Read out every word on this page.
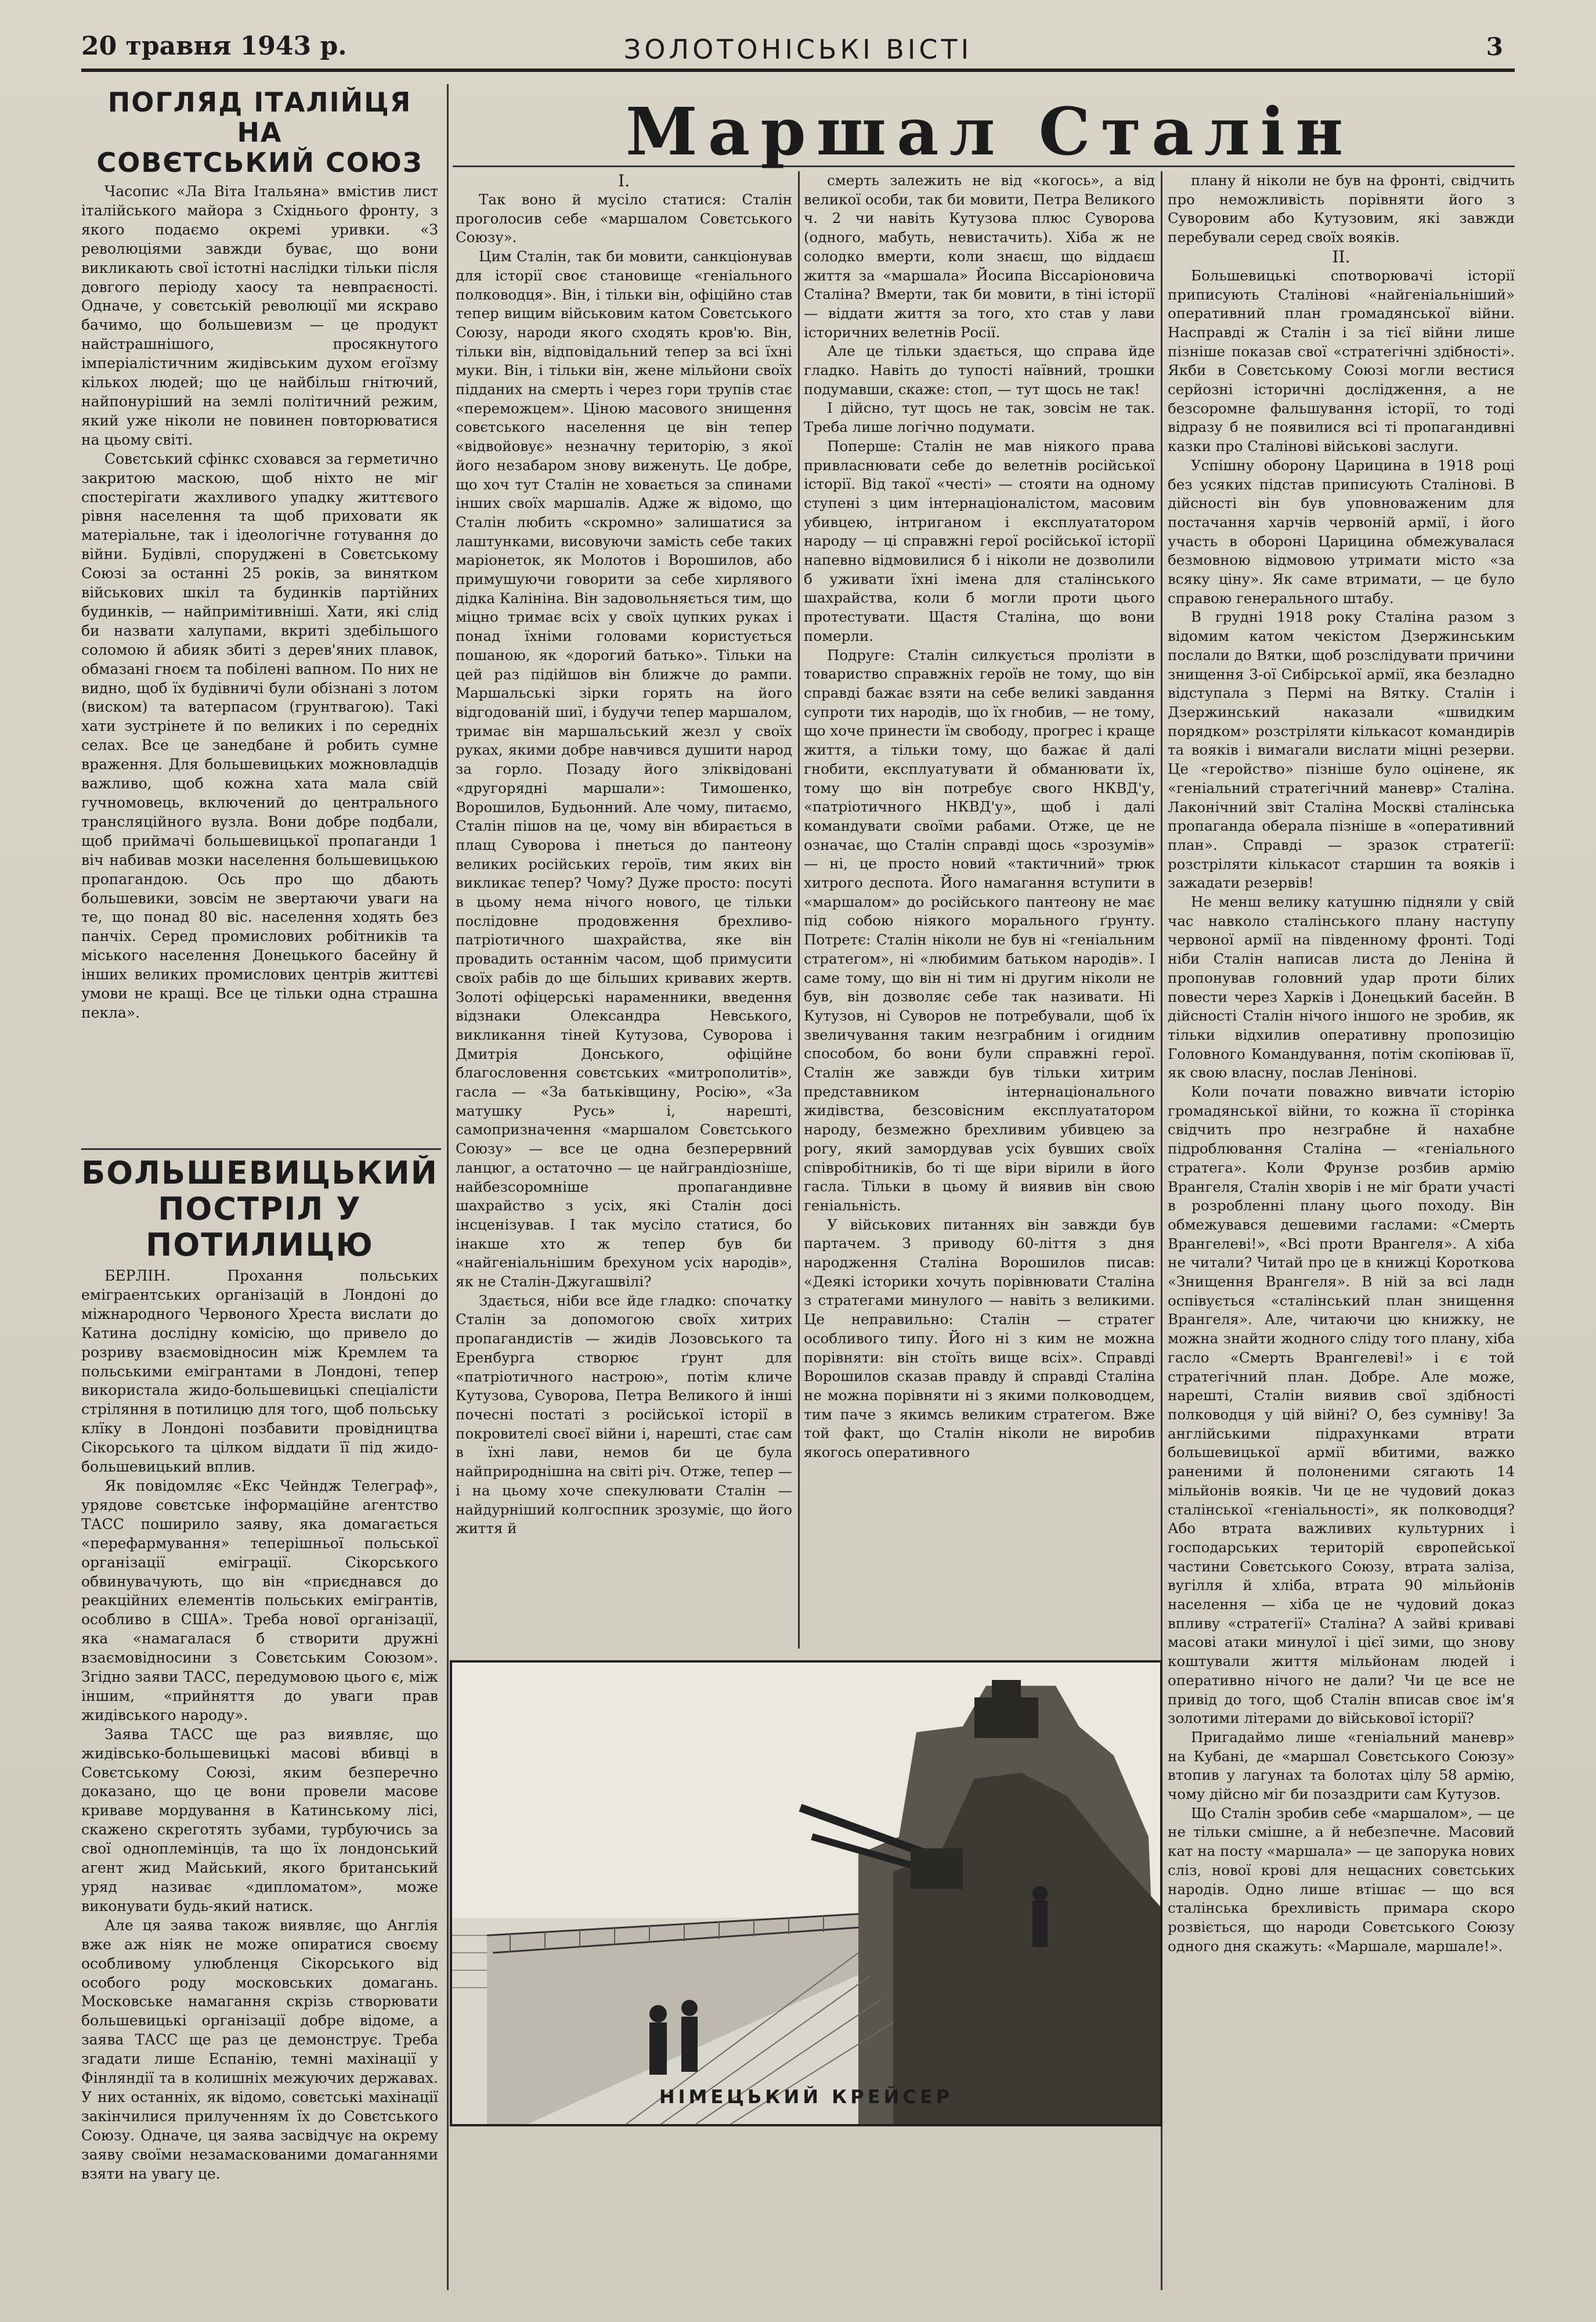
20 травня 1943 р.	ЗОЛОТОНІСЬКІ ВІСТІ	3
ПОГЛЯД ІТАЛІЙЦЯ НА
СОВЄТСЬКИЙ СОЮЗ

Часопис «Ла Віта Італьяна» вмістив лист італійського майора з Східнього фронту, з якого подаємо окремі уривки. «З революціями завжди буває, що вони викликають свої істотні наслідки тільки після довгого періоду хаосу та невпраєності. Одначе, у совєтській революції ми яскраво бачимо, що большевизм — це продукт найстрашнішого, просякнутого імперіалістичним жидівським духом егоїзму кількох людей; що це найбільш гнітючий, найпонуріший на землі політичний режим, який уже ніколи не повинен повторюватися на цьому світі.

Совєтський сфінкс сховався за герметично закритою маскою, щоб ніхто не міг спостерігати жахливого упадку життєвого рівня населення та щоб приховати як матеріальне, так і ідеологічне готування до війни. Будівлі, споруджені в Совєтському Союзі за останні 25 років, за винятком військових шкіл та будинків партійних будинків, — найпримітивніші. Хати, які слід би назвати халупами, вкриті здебільшого соломою й абияк збиті з дерев'яних плавок, обмазані гноєм та побілені вапном. По них не видно, щоб їх будівничі були обізнані з лотом (виском) та ватерпасом (грунтвагою). Такі хати зустрінете й по великих і по середніх селах. Все це занедбане й робить сумне враження. Для большевицьких можновладців важливо, щоб кожна хата мала свій гучномовець, включений до центрального трансляційного вузла. Вони добре подбали, щоб приймачі большевицької пропаганди 1 віч набивав мозки населення большевицькою пропагандою. Ось про що дбають большевики, зовсім не звертаючи уваги на те, що понад 80 віс. населення ходять без панчіх. Серед промислових робітників та міського населення Донецького басейну й інших великих промислових центрів життєві умови не кращі. Все це тільки одна страшна пекла».

БОЛЬШЕВИЦЬКИЙ
ПОСТРІЛ У ПОТИЛИЦЮ

БЕРЛІН. Прохання польських еміграентських організацій в Лондоні до міжнародного Червоного Хреста вислати до Катина дослідну комісію, що привело до розриву взаємовідносин між Кремлем та польськими емігрантами в Лондоні, тепер використала жидо-большевицькі спеціалісти стріляння в потилицю для того, щоб польську клїку в Лондоні позбавити провідництва Сікорського та цілком віддати її під жидо-большевицький вплив.

Як повідомляє «Екс Чейндж Телеграф», урядове совєтське інформаційне агентство ТАСС поширило заяву, яка домагається «перефармування» теперішньої польської організації еміграції. Сікорського обвинувачують, що він «приєднався до реакційних елементів польських емігрантів, особливо в США». Треба нової організації, яка «намагалася б створити дружні взаємовідносини з Совєтським Союзом». Згідно заяви ТАСС, передумовою цього є, між іншим, «прийняття до уваги прав жидівського народу».

Заява ТАСС ще раз виявляє, що жидівсько-большевицькі масові вбивці в Совєтському Союзі, яким безперечно доказано, що це вони провели масове криваве мордування в Катинському лісі, скажено скреготять зубами, турбуючись за свої одноплемінців, та що їх лондонський агент жид Майський, якого британський уряд називає «дипломатом», може виконувати будь-який натиск.

Але ця заява також виявляє, що Англія вже аж ніяк не може опиратися своєму особливому улюбленця Сікорського від особого роду московських домагань. Московське намагання скрізь створювати большевицькі організації добре відоме, а заява ТАСС ще раз це демонструє. Треба згадати лише Еспанію, темні махінації у Фінляндії та в колишніх межуючих державах. У них останніх, як відомо, совєтські махінації закінчилися прилученням їх до Совєтського Союзу. Одначе, ця заява засвідчує на окрему заяву своїми незамаскованими домаганнями взяти на увагу це.

Маршал Сталін
I.

Так воно й мусіло статися: Сталін проголосив себе «маршалом Совєтського Союзу».

Цим Сталін, так би мовити, санкціонував для історії своє становище «геніального полководця». Він, і тільки він, офіційно став тепер вищим військовим катом Совєтського Союзу, народи якого сходять кров'ю. Він, тільки він, відповідальний тепер за всі їхні муки. Він, і тільки він, жене мільйони своїх підданих на смерть і через гори трупів стає «переможцем». Ціною масового знищення совєтського населення це він тепер «відвойовує» незначну територію, з якої його незабаром зновy виженуть. Це добре, що хоч тут Сталін не ховається за спинами інших своїх маршалів. Адже ж відомо, що Сталін любить «скромно» залишатися за лаштунками, висовуючи замість себе таких маріонеток, як Молотов і Ворошилов, або примушуючи говорити за себе хирлявого дідка Калініна. Він задовольняється тим, що міцно тримає всіх у своїх цупких руках і понад їхніми головами користується пошаною, як «дорогий батько». Тільки на цей раз підійшов він ближче до рампи. Маршальські зірки горять на його відгодованій шиї, і будучи тепер маршалом, тримає він маршальський жезл у своїх руках, якими добре навчився душити народ за горло. Позаду його зліквідовані «другорядні маршали»: Тимошенко, Ворошилов, Будьонний. Але чому, питаємо, Сталін пішов на це, чому він вбирається в плащ Суворова і пнеться до пантеону великих російських героїв, тим яких він викликає тепер? Чому? Дуже просто: посуті в цьому нема нічого нового, це тільки послідовне продовження брехливо-патріотичного шахрайства, яке він провадить останнім часом, щоб примусити своїх рабів до ще більших кривавих жертв. Золоті офіцерські нараменники, введення відзнаки Олександра Невського, викликання тіней Кутузова, Суворова і Дмитрія Донського, офіційне благословення совєтських «митрополитів», гасла — «За батьківщину, Росію», «За матушку Русь» і, нарешті, самопризначення «маршалом Совєтського Союзу» — все це одна безперервний ланцюг, а остаточно — це найграндіозніше, найбезсоромніше пропагандивне шахрайство з усіх, які Сталін досі інсценізував. І так мусіло статися, бо інакше хто ж тепер був би «найгеніальнішим брехуном усіх народів», як не Сталін-Джугашвілі?

Здається, ніби все йде гладко: спочатку Сталін за допомогою своїх хитрих пропагандистів — жидів Лозовського та Еренбурга створює ґрунт для «патріотичного настрою», потім кличе Кутузова, Суворова, Петра Великого й інші почесні постаті з російської історії в покровителі своєї війни і, нарешті, стає сам в їхні лави, немов би це була найприроднішна на світі річ. Отже, тепер — і на цьому хоче спекулювати Сталін — найдурніший колгоспник зрозуміє, що його життя й

смерть залежить не від «когось», а від великої особи, так би мовити, Петра Великого ч. 2 чи навіть Кутузова плюс Суворова (одного, мабуть, невистачить). Хіба ж не солодко вмерти, коли знаєш, що віддаєш життя за «маршала» Йосипа Віссаріоновича Сталіна? Вмерти, так би мовити, в тіні історії — віддати життя за того, хто став у лави історичних велетнів Росії.

Але це тільки здається, що справа йде гладко. Навіть до тупості наївний, трошки подумавши, скаже: стоп, — тут щось не так!

І дійсно, тут щось не так, зовсім не так. Треба лише логічно подумати.

Поперше: Сталін не мав ніякого права привласнювати себе до велетнів російської історії. Від такої «честі» — стояти на одному ступені з цим інтернаціоналістом, масовим убивцею, інтриганом і експлуататором народу — ці справжні герої російської історії напевно відмовилися б і ніколи не дозволили б уживати їхні імена для сталінського шахрайства, коли б могли проти цього протестувати. Щастя Сталіна, що вони померли.

Подруге: Сталін силкується пролізти в товариство справжніх героїв не тому, що він справді бажає взяти на себе великі завдання супроти тих народів, що їх гнобив, — не тому, що хоче принести їм свободу, прогрес і краще життя, а тільки тому, що бажає й далі гнобити, експлуатувати й обманювати їх, тому що він потребує свого НКВД'у, «патріотичного НКВД'у», щоб і далі командувати своїми рабами. Отже, це не означає, що Сталін справді щось «зрозумів» — ні, це просто новий «тактичний» трюк хитрого деспота. Його намагання вступити в «маршалом» до російського пантеону не має під собою ніякого морального ґрунту. Потретє: Сталін ніколи не був ні «геніальним стратегом», ні «любимим батьком народів». І саме тому, що він ні тим ні другим ніколи не був, він дозволяє себе так називати. Ні Кутузов, ні Суворов не потребували, щоб їх звеличування таким незграбним і огидним способом, бо вони були справжні герої. Сталін же завжди був тільки хитрим представником інтернаціонального жидівства, безсовісним експлуататором народу, безмежно брехливим убивцею за рогу, який замордував усіх бувших своїх співробітників, бо ті ще віри вірили в його гасла. Тільки в цьому й виявив він свою геніальність.

У військових питаннях він завжди був партачем. З приводу 60-ліття з дня народження Сталіна Ворошилов писав: «Деякі історики хочуть порівнювати Сталіна з стратегами минулого — навіть з великими. Це неправильно: Сталін — стратег особливого типу. Його ні з ким не можна порівняти: він стоїть вище всіх». Справді Ворошилов сказав правду й справді Сталіна не можна порівняти ні з якими полководцем, тим паче з якимсь великим стратегом. Вже той факт, що Сталін ніколи не виробив якогось оперативного

плану й ніколи не був на фронті, свідчить про неможливість порівняти його з Суворовим або Кутузовим, які завжди перебували серед своїх вояків.

II.

Большевицькі спотворювачі історії приписують Сталінові «найгеніальніший» оперативний план громадянської війни. Насправді ж Сталін і за тієї війни лише пізніше показав свої «стратегічні здібності». Якби в Совєтському Союзі могли вестися серйозні історичні дослідження, а не безсоромне фальшування історії, то тоді відразу б не появилися всі ті пропагандивні казки про Сталінові військові заслуги.

Успішну оборону Царицина в 1918 році без усяких підстав приписують Сталінові. В дійсності він був уповноваженим для постачання харчів червоній армії, і його участь в обороні Царицина обмежувалася безмовною відмовою утримати місто «за всяку ціну». Як саме втримати, — це було справою генерального штабу.

В грудні 1918 року Сталіна разом з відомим катом чекістом Дзержинським послали до Вятки, щоб розслідувати причини знищення 3-ої Сибірської армії, яка безладно відступала з Пермі на Вятку. Сталін і Дзержинський наказали «швидким порядком» розстріляти кількасот командирів та вояків і вимагали вислати міцні резерви. Це «геройство» пізніше було оцінене, як «геніальний стратегічний маневр» Сталіна. Лаконічний звіт Сталіна Москві сталінська пропаганда оберала пізніше в «оперативний план». Справді — зразок стратегії: розстріляти кількасот старшин та вояків і зажадати резервів!

Не менш велику катушню підняли у свій час навколо сталінського плану наступу червоної армії на південному фронті. Тоді ніби Сталін написав листа до Леніна й пропонував головний удар проти білих повести через Харків і Донецький басейн. В дійсності Сталін нічого іншого не зробив, як тільки відхилив оперативну пропозицію Головного Командування, потім скопіював її, як свою власну, послав Ленінові.

Коли почати поважно вивчати історію громадянської війни, то кожна її сторінка свідчить про незграбне й нахабне підроблювання Сталіна — «геніального стратега». Коли Фрунзе розбив армію Врангеля, Сталін хворів і не міг брати участі в розробленні плану цього походу. Він обмежувався дешевими гаслами: «Смерть Врангелеві!», «Всі проти Врангеля». А хіба не читали? Читай про це в книжці Корoткова «Знищення Врангеля». В ній за всі ладн оспівується «сталінський план знищення Врангеля». Але, читаючи цю книжку, не можна знайти жодного сліду того плану, хіба гасло «Смерть Врангелеві!» і є той стратегічний план. Добре. Але може, нарешті, Сталін виявив свої здібності полководця у цій війні? О, без сумніву! За англійськими підрахунками втрати большевицької армії вбитими, важко раненими й полоненими сягають 14 мільйонів вояків. Чи це не чудовий доказ сталінської «геніальності», як полководця? Або втрата важливих культурних і господарських територій європейської частини Совєтського Союзу, втрата заліза, вугілля й хліба, втрата 90 мільйонів населення — хіба це не чудовий доказ впливу «стратегії» Сталіна? А зайві криваві масові атаки минулої і цієї зими, що знову коштували життя мільйонам людей і оперативно нічого не дали? Чи це все не привід до того, щоб Сталін вписав своє ім'я золотими літерами до військової історії?

Пригадаймо лише «геніальний маневр» на Кубані, де «маршал Совєтського Союзу» втопив у лагунах та болотах цілу 58 армію, чому дійсно міг би позаздрити сам Кутузов.

Що Сталін зробив себе «маршалом», — це не тільки смішне, а й небезпечне. Масовий кат на посту «маршала» — це запорука нових сліз, нової крові для нещасних совєтських народів. Одно лише втішає — що вся сталінська брехливість примара скоро розвіється, що народи Совєтського Союзу одного дня скажуть: «Маршале, маршале!».

НІМЕЦЬКИЙ КРЕЙСЕР
